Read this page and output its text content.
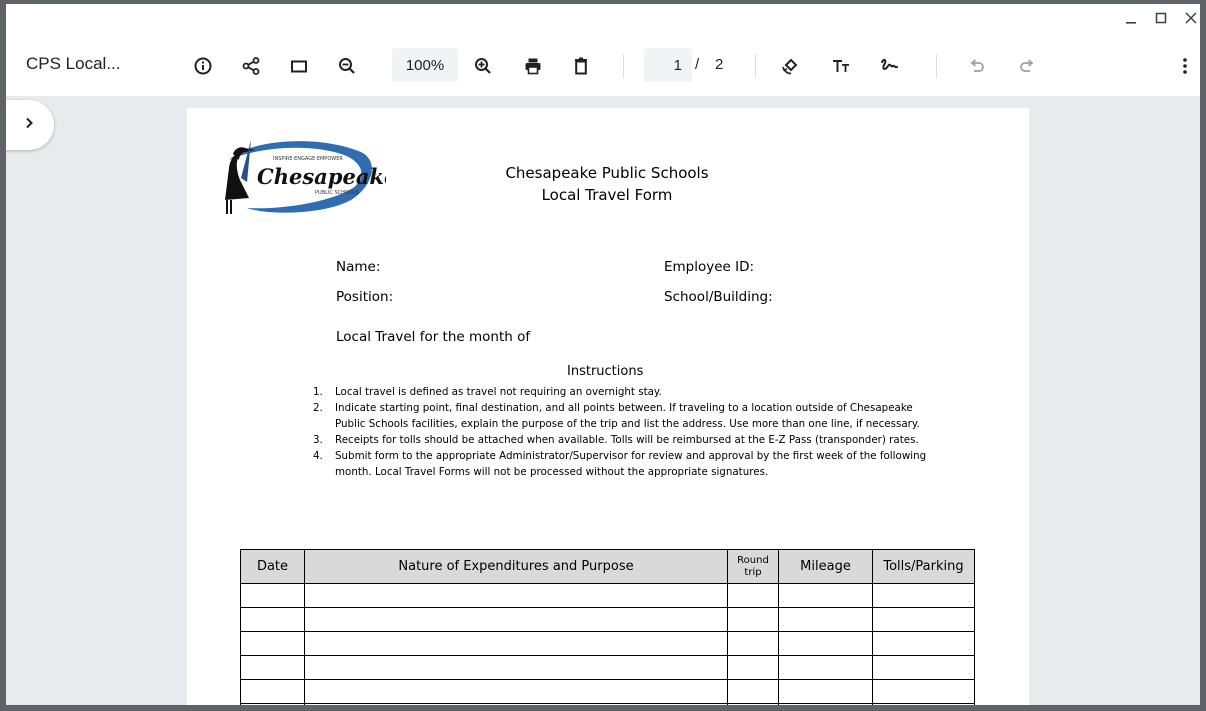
CPS Local...	100%	1 / 2
INSPIRE·ENGAGE·EMPOWER
Chesapeake
PUBLIC SCHOOLS
Chesapeake Public Schools
Local Travel Form
Name:	Employee ID:
Position:	School/Building:
Local Travel for the month of
Instructions
1. Local travel is defined as travel not requiring an overnight stay.
2. Indicate starting point, final destination, and all points between. If traveling to a location outside of Chesapeake Public Schools facilities, explain the purpose of the trip and list the address. Use more than one line, if necessary.
3. Receipts for tolls should be attached when available. Tolls will be reimbursed at the E-Z Pass (transponder) rates.
4. Submit form to the appropriate Administrator/Supervisor for review and approval by the first week of the following month. Local Travel Forms will not be processed without the appropriate signatures.
Date	Nature of Expenditures and Purpose	Round trip	Mileage	Tolls/Parking
